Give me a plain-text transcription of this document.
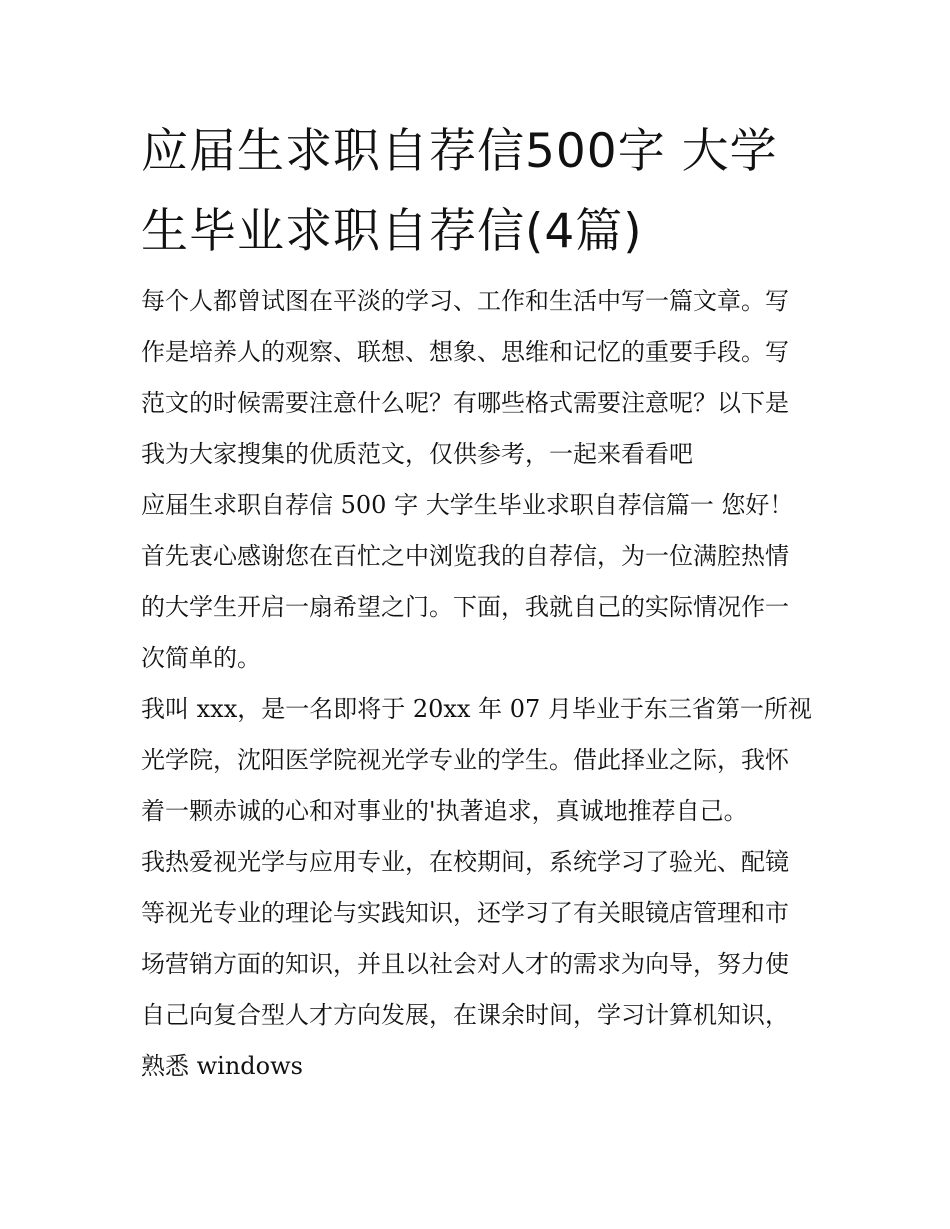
应届生求职自荐信500字 大学
生毕业求职自荐信(4篇)
每个人都曾试图在平淡的学习、工作和生活中写一篇文章。写
作是培养人的观察、联想、想象、思维和记忆的重要手段。写
范文的时候需要注意什么呢？有哪些格式需要注意呢？以下是
我为大家搜集的优质范文，仅供参考，一起来看看吧
应届生求职自荐信 500 字 大学生毕业求职自荐信篇一 您好！
首先衷心感谢您在百忙之中浏览我的自荐信，为一位满腔热情
的大学生开启一扇希望之门。下面，我就自己的实际情况作一
次简单的。
我叫 xxx，是一名即将于 20xx 年 07 月毕业于东三省第一所视
光学院，沈阳医学院视光学专业的学生。借此择业之际，我怀
着一颗赤诚的心和对事业的'执著追求，真诚地推荐自己。
我热爱视光学与应用专业，在校期间，系统学习了验光、配镜
等视光专业的理论与实践知识，还学习了有关眼镜店管理和市
场营销方面的知识，并且以社会对人才的需求为向导，努力使
自己向复合型人才方向发展，在课余时间，学习计算机知识，
熟悉 windows
